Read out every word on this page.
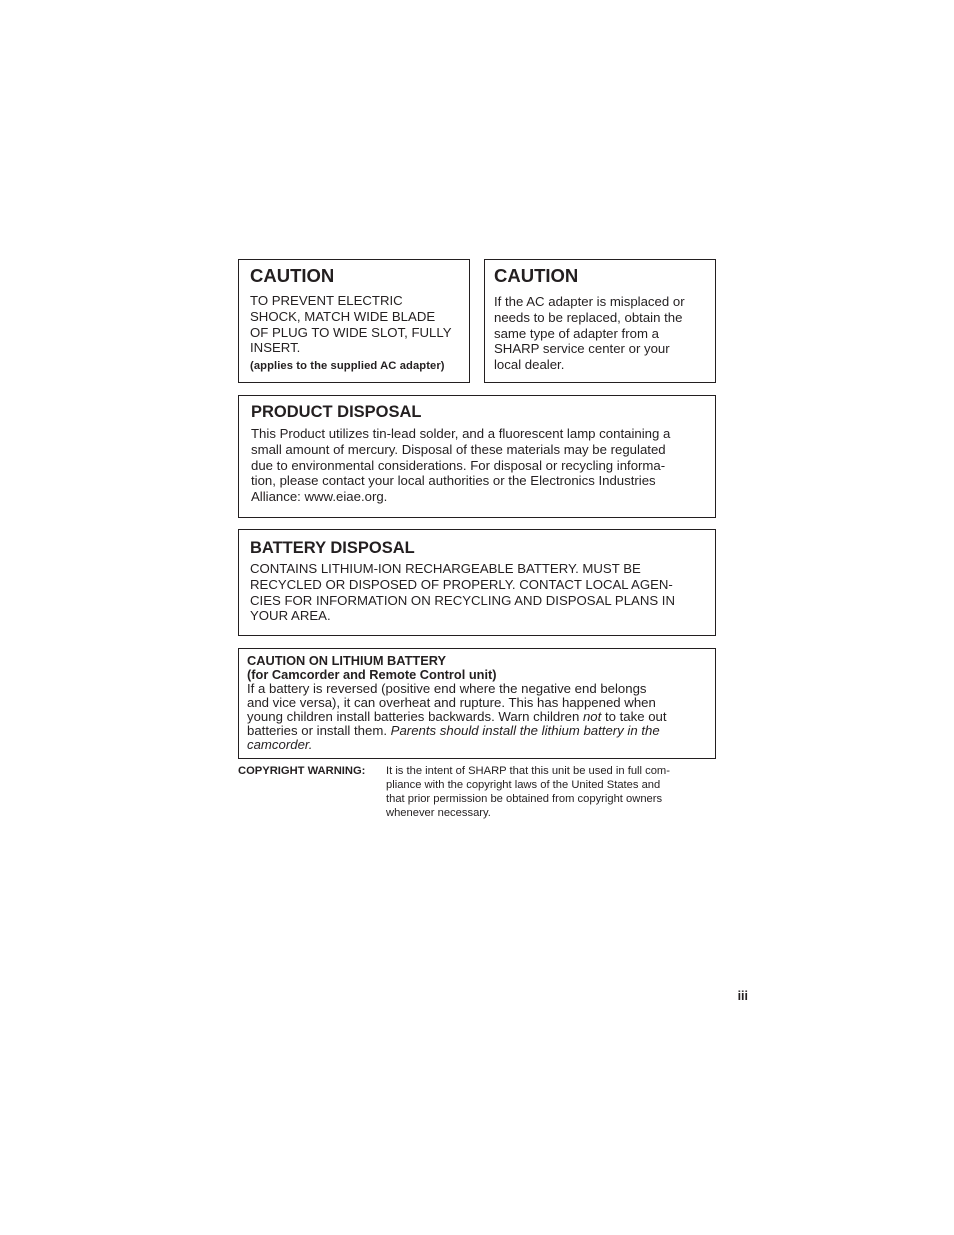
CAUTION

TO PREVENT ELECTRIC
SHOCK, MATCH WIDE BLADE
OF PLUG TO WIDE SLOT, FULLY
INSERT.

(applies to the supplied AC adapter)

CAUTION

If the AC adapter is misplaced or
needs to be replaced, obtain the
same type of adapter from a
SHARP service center or your
local dealer.

PRODUCT DISPOSAL

This Product utilizes tin-lead solder, and a fluorescent lamp containing a
small amount of mercury. Disposal of these materials may be regulated
due to environmental considerations. For disposal or recycling informa-
tion, please contact your local authorities or the Electronics Industries
Alliance: www.eiae.org.

BATTERY DISPOSAL

CONTAINS LITHIUM-ION RECHARGEABLE BATTERY. MUST BE
RECYCLED OR DISPOSED OF PROPERLY. CONTACT LOCAL AGEN-
CIES FOR INFORMATION ON RECYCLING AND DISPOSAL PLANS IN
YOUR AREA.

CAUTION ON LITHIUM BATTERY
(for Camcorder and Remote Control unit)

If a battery is reversed (positive end where the negative end belongs
and vice versa), it can overheat and rupture. This has happened when
young children install batteries backwards. Warn children not to take out
batteries or install them. Parents should install the lithium battery in the
camcorder.

COPYRIGHT WARNING: It is the intent of SHARP that this unit be used in full com-
pliance with the copyright laws of the United States and
that prior permission be obtained from copyright owners
whenever necessary.
iii
